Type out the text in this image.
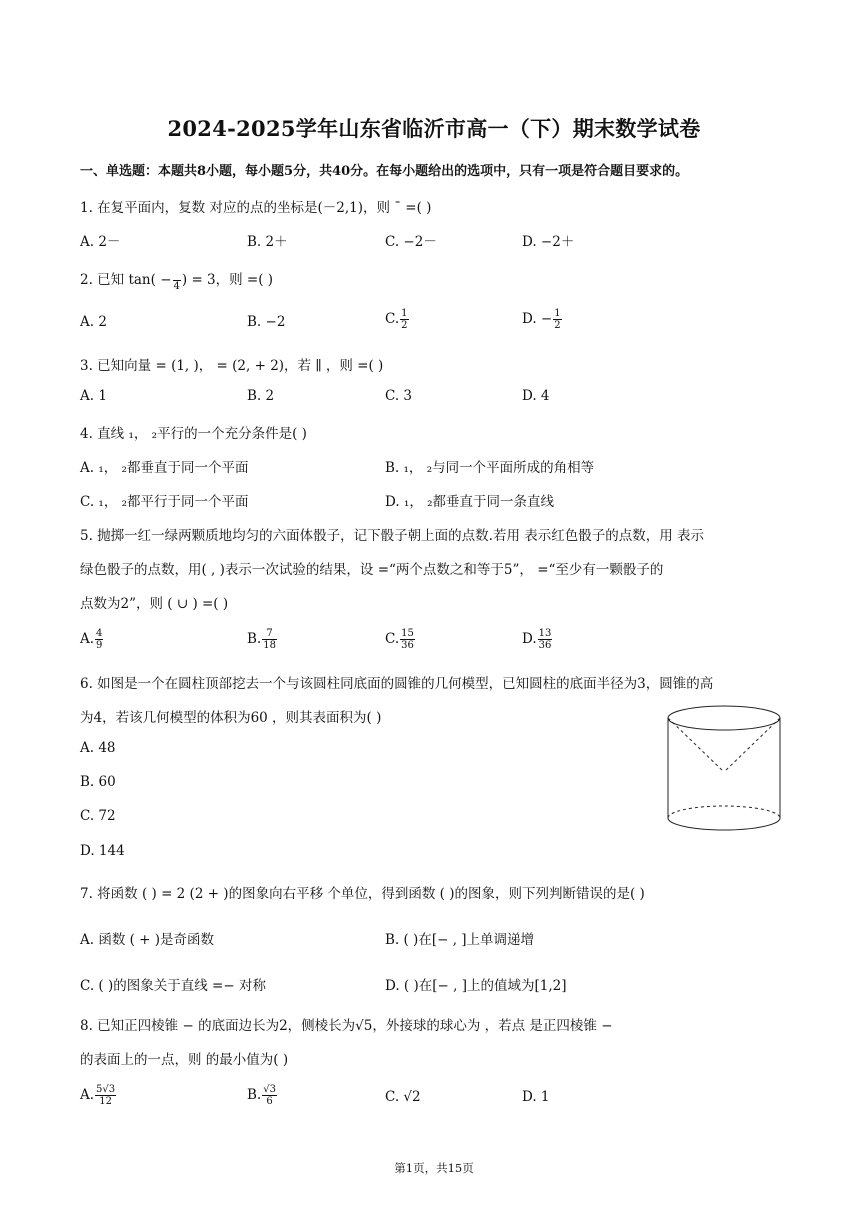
2024-2025学年山东省临沂市高一（下）期末数学试卷
一、单选题：本题共8小题，每小题5分，共40分。在每小题给出的选项中，只有一项是符合题目要求的。
1. 在复平面内，复数 对应的点的坐标是(－2,1)，则 ¯ =( )
A. 2－	B. 2＋	C. −2－	D. −2＋
2. 已知 tan( −
4 ) = 3，则 =( )
A. 2	B. −2	C. $\frac{1}{2}$	D. − $\frac{1}{2}$
3. 已知向量 = (1, )， = (2, + 2)，若 ∥ ，则 =( )
A. 1	B. 2	C. 3	D. 4
4. 直线 ₁， ₂平行的一个充分条件是( )
A. ₁， ₂都垂直于同一个平面	B. ₁， ₂与同一个平面所成的角相等
C. ₁， ₂都平行于同一个平面	D. ₁， ₂都垂直于同一条直线
5. 抛掷一红一绿两颗质地均匀的六面体骰子，记下骰子朝上面的点数.若用 表示红色骰子的点数，用 表示
绿色骰子的点数，用( , )表示一次试验的结果，设 =“两个点数之和等于5”， =“至少有一颗骰子的
点数为2”，则 ( ∪ ) =( )
A. $\frac{4}{9}$	B. $\frac{7}{18}$	C. $\frac{15}{36}$	D. $\frac{13}{36}$
6. 如图是一个在圆柱顶部挖去一个与该圆柱同底面的圆锥的几何模型，已知圆柱的底面半径为3，圆锥的高
为4，若该几何模型的体积为60 ，则其表面积为( )
A. 48
B. 60
C. 72
D. 144
7. 将函数 ( ) = 2 (2 + )的图象向右平移 个单位，得到函数 ( )的图象，则下列判断错误的是( )
A. 函数 ( + )是奇函数	B. ( )在[− , ]上单调递增
C. ( )的图象关于直线 =− 对称	D. ( )在[− , ]上的值域为[1,2]
8. 已知正四棱锥 − 的底面边长为2，侧棱长为√5，外接球的球心为 ，若点 是正四棱锥 −
的表面上的一点，则 的最小值为( )
A. $\frac{5√3}{12}$	B. $\frac{√3}{6}$	C. √2	D. 1
第1页，共15页
